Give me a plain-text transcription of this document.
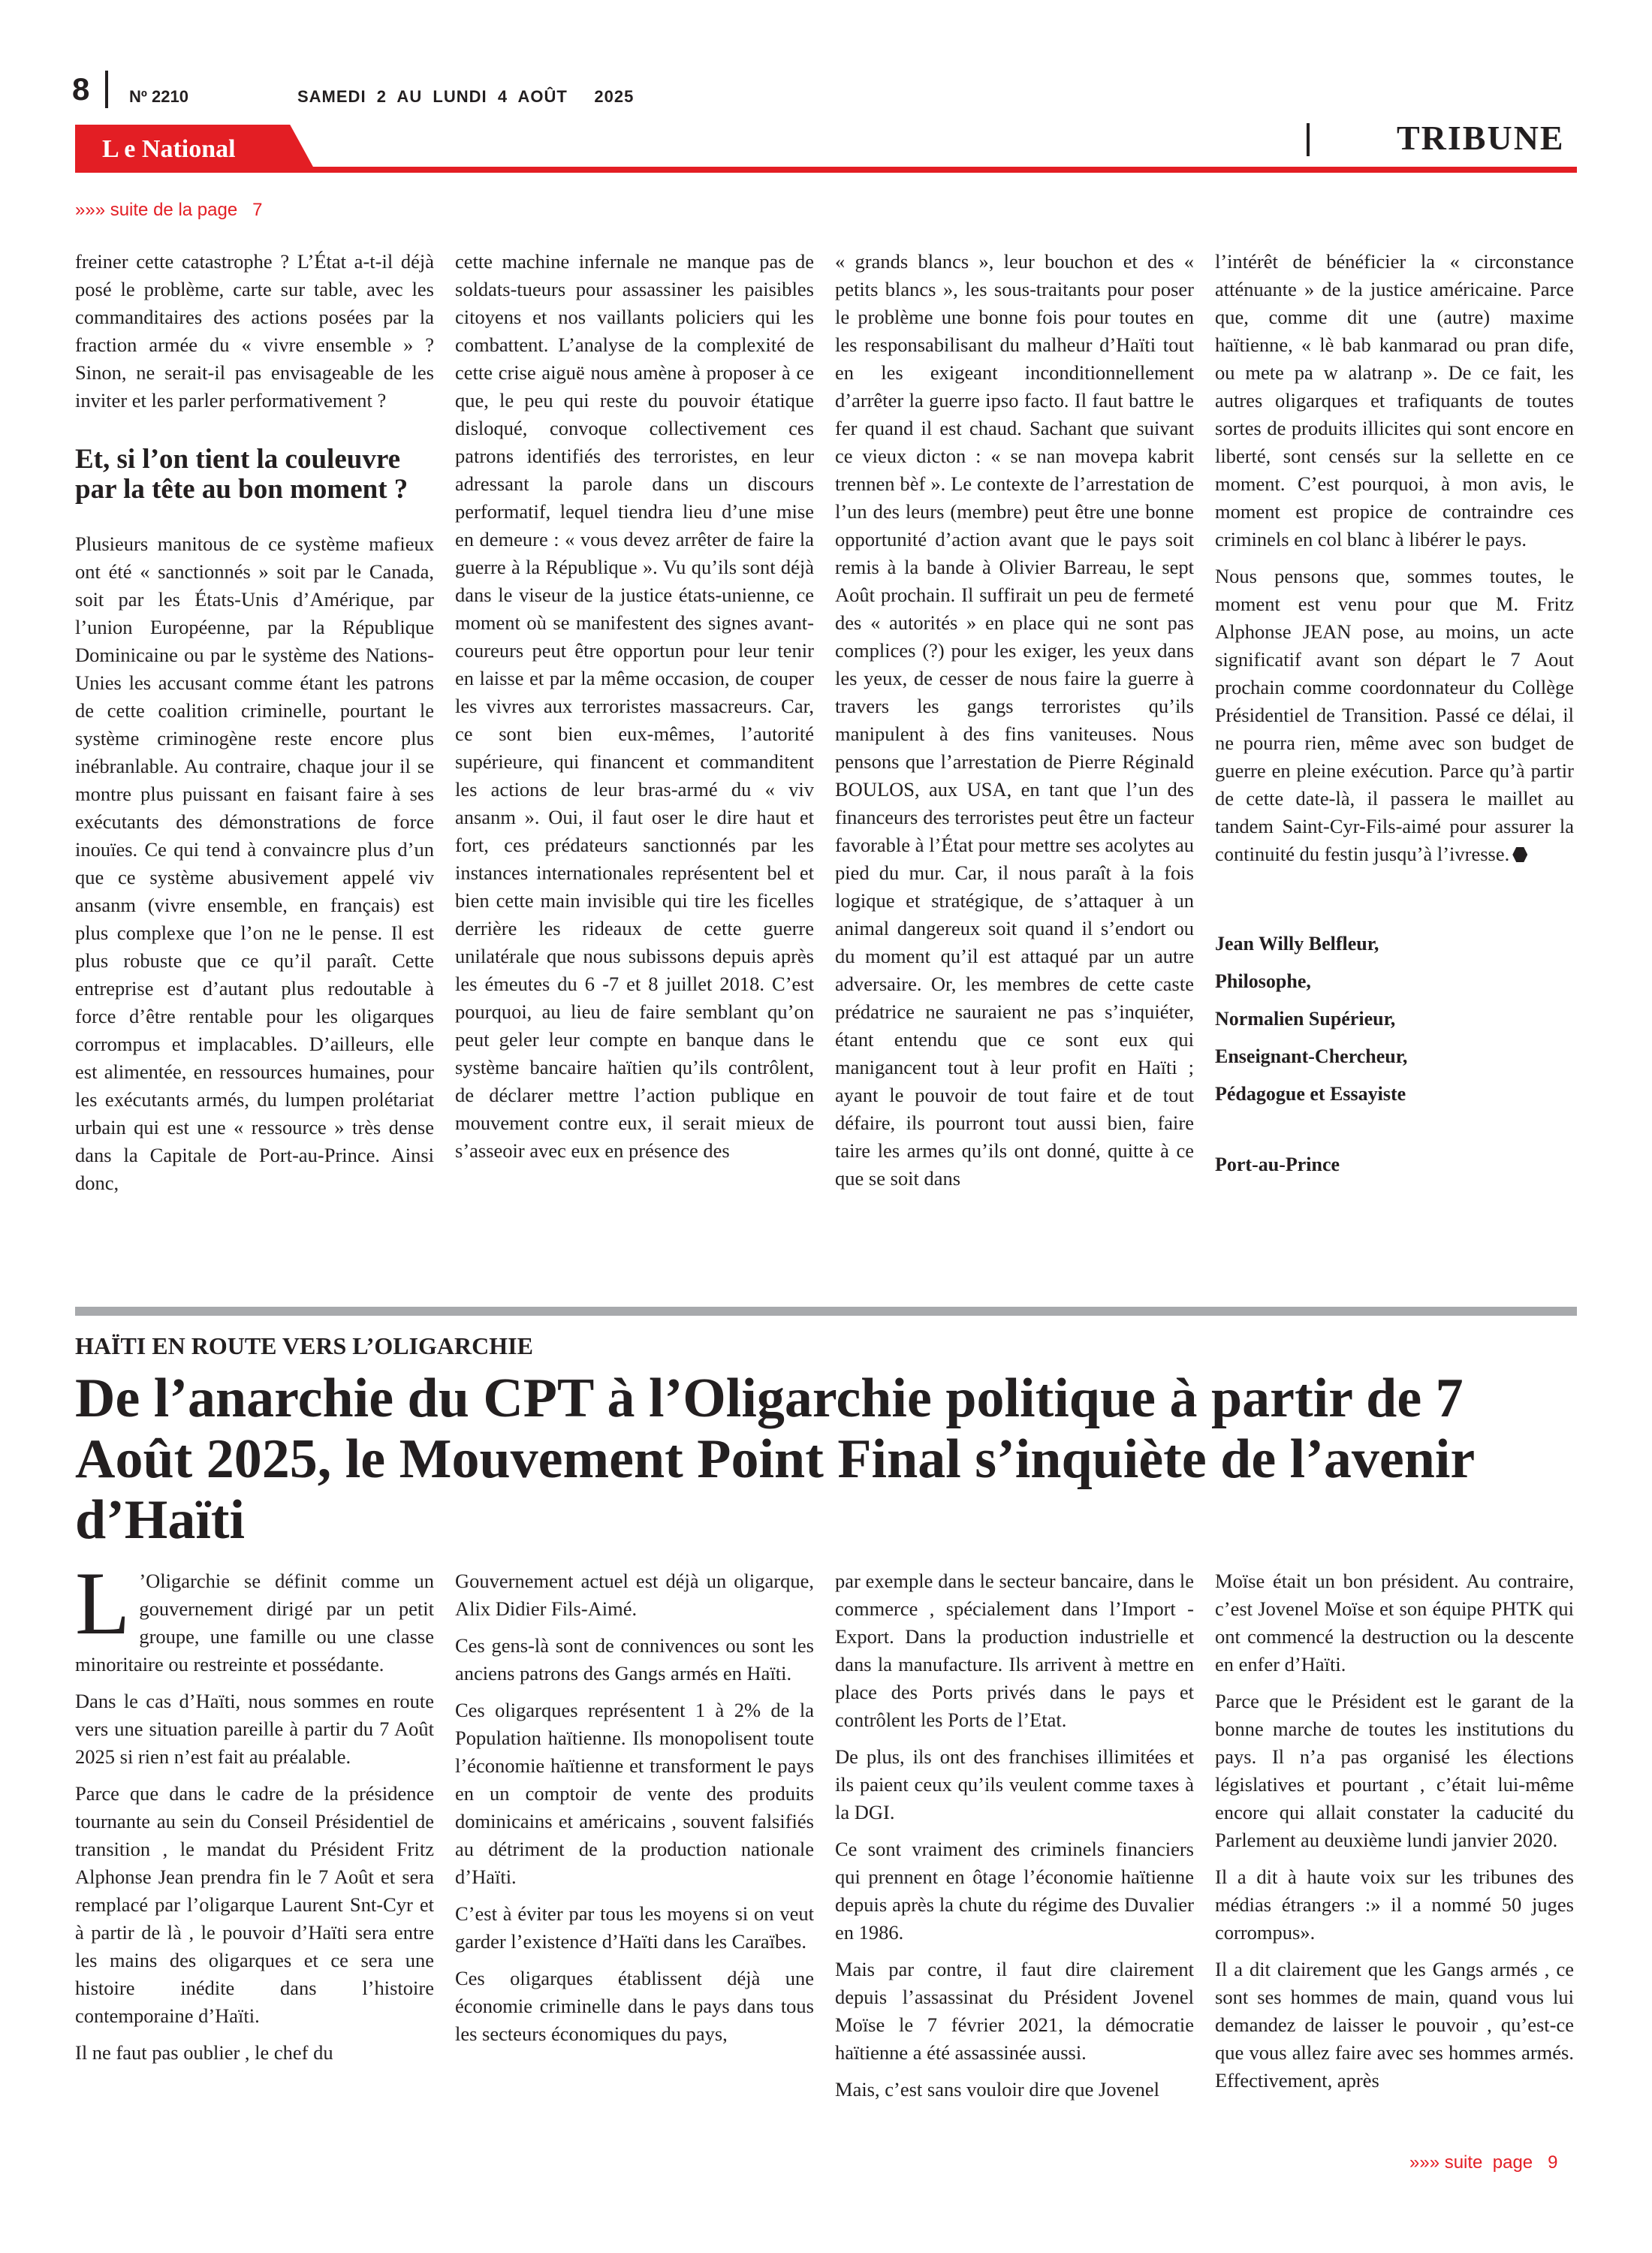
8 Nº 2210	SAMEDI  2  AU  LUNDI  4  AOÛT     2025
L e National	TRIBUNE
»»» suite de la page   7

freiner cette catastrophe ? L’État a-t-il déjà posé le problème, carte sur table, avec les commanditaires des actions posées par la fraction armée du « vivre ensemble » ? Sinon, ne serait-il pas envisageable de les inviter et les parler performativement ?

Et, si l’on tient la couleuvre par la tête au bon moment ?

Plusieurs manitous de ce système mafieux ont été « sanctionnés » soit par le Canada, soit par les États-Unis d’Amérique, par l’union Européenne, par la République Dominicaine ou par le système des Nations-Unies les accusant comme étant les patrons de cette coalition criminelle, pourtant le système criminogène reste encore plus inébranlable. Au contraire, chaque jour il se montre plus puissant en faisant faire à ses exécutants des démonstrations de force inouïes. Ce qui tend à convaincre plus d’un que ce système abusivement appelé viv ansanm (vivre ensemble, en français) est plus complexe que l’on ne le pense. Il est plus robuste que ce qu’il paraît. Cette entreprise est d’autant plus redoutable à force d’être rentable pour les oligarques corrompus et implacables. D’ailleurs, elle est alimentée, en ressources humaines, pour les exécutants armés, du lumpen prolétariat urbain qui est une « ressource » très dense dans la Capitale de Port-au-Prince. Ainsi donc,

cette machine infernale ne manque pas de soldats-tueurs pour assassiner les paisibles citoyens et nos vaillants policiers qui les combattent. L’analyse de la complexité de cette crise aiguë nous amène à proposer à ce que, le peu qui reste du pouvoir étatique disloqué, convoque collectivement ces patrons identifiés des terroristes, en leur adressant la parole dans un discours performatif, lequel tiendra lieu d’une mise en demeure : « vous devez arrêter de faire la guerre à la République ». Vu qu’ils sont déjà dans le viseur de la justice états-unienne, ce moment où se manifestent des signes avant-coureurs peut être opportun pour leur tenir en laisse et par la même occasion, de couper les vivres aux terroristes massacreurs. Car, ce sont bien eux-mêmes, l’autorité supérieure, qui financent et commanditent les actions de leur bras-armé du « viv ansanm ». Oui, il faut oser le dire haut et fort, ces prédateurs sanctionnés par les instances internationales représentent bel et bien cette main invisible qui tire les ficelles derrière les rideaux de cette guerre unilatérale que nous subissons depuis après les émeutes du 6 -7 et 8 juillet 2018. C’est pourquoi, au lieu de faire semblant qu’on peut geler leur compte en banque dans le système bancaire haïtien qu’ils contrôlent, de déclarer mettre l’action publique en mouvement contre eux, il serait mieux de s’asseoir avec eux en présence des

« grands blancs », leur bouchon et des « petits blancs », les sous-traitants pour poser le problème une bonne fois pour toutes en les responsabilisant du malheur d’Haïti tout en les exigeant inconditionnellement d’arrêter la guerre ipso facto. Il faut battre le fer quand il est chaud. Sachant que suivant ce vieux dicton : « se nan movepa kabrit trennen bèf ». Le contexte de l’arrestation de l’un des leurs (membre) peut être une bonne opportunité d’action avant que le pays soit remis à la bande à Olivier Barreau, le sept Août prochain. Il suffirait un peu de fermeté des « autorités » en place qui ne sont pas complices (?) pour les exiger, les yeux dans les yeux, de cesser de nous faire la guerre à travers les gangs terroristes qu’ils manipulent à des fins vaniteuses. Nous pensons que l’arrestation de Pierre Réginald BOULOS, aux USA, en tant que l’un des financeurs des terroristes peut être un facteur favorable à l’État pour mettre ses acolytes au pied du mur. Car, il nous paraît à la fois logique et stratégique, de s’attaquer à un animal dangereux soit quand il s’endort ou du moment qu’il est attaqué par un autre adversaire. Or, les membres de cette caste prédatrice ne sauraient ne pas s’inquiéter, étant entendu que ce sont eux qui manigancent tout à leur profit en Haïti ; ayant le pouvoir de tout faire et de tout défaire, ils pourront tout aussi bien, faire taire les armes qu’ils ont donné, quitte à ce que se soit dans

l’intérêt de bénéficier la « circonstance atténuante » de la justice américaine. Parce que, comme dit une (autre) maxime haïtienne, « lè bab kanmarad ou pran dife, ou mete pa w alatranp ». De ce fait, les autres oligarques et trafiquants de toutes sortes de produits illicites qui sont encore en liberté, sont censés sur la sellette en ce moment. C’est pourquoi, à mon avis, le moment est propice de contraindre ces criminels en col blanc à libérer le pays.

Nous pensons que, sommes toutes, le moment est venu pour que M. Fritz Alphonse JEAN pose, au moins, un acte significatif avant son départ le 7 Aout prochain comme coordonnateur du Collège Présidentiel de Transition. Passé ce délai, il ne pourra rien, même avec son budget de guerre en pleine exécution. Parce qu’à partir de cette date-là, il passera le maillet au tandem Saint-Cyr-Fils-aimé pour assurer la continuité du festin jusqu’à l’ivresse.

Jean Willy Belfleur,
Philosophe,
Normalien Supérieur,
Enseignant-Chercheur,
Pédagogue et Essayiste
Port-au-Prince
HAÏTI EN ROUTE VERS L’OLIGARCHIE
De l’anarchie du CPT à l’Oligarchie politique à partir de 7 Août 2025, le Mouvement Point Final s’inquiète de l’avenir d’Haïti

L ’Oligarchie se définit comme un gouvernement dirigé par un petit groupe, une famille ou une classe minoritaire ou restreinte et possédante.

Dans le cas d’Haïti, nous sommes en route vers une situation pareille à partir du 7 Août 2025 si rien n’est fait au préalable.

Parce que dans le cadre de la présidence tournante au sein du Conseil Présidentiel de transition , le mandat du Président Fritz Alphonse Jean prendra fin le 7 Août et sera remplacé par l’oligarque Laurent Snt-Cyr et à partir de là , le pouvoir d’Haïti sera entre les mains des oligarques et ce sera une histoire inédite dans l’histoire contemporaine d’Haïti.

Il ne faut pas oublier , le chef du

Gouvernement actuel est déjà un oligarque, Alix Didier Fils-Aimé.

Ces gens-là sont de connivences ou sont les anciens patrons des Gangs armés en Haïti.

Ces oligarques représentent 1 à 2% de la Population haïtienne. Ils monopolisent toute l’économie haïtienne et transforment le pays en un comptoir de vente des produits dominicains et américains , souvent falsifiés au détriment de la production nationale d’Haïti.

C’est à éviter par tous les moyens si on veut garder l’existence d’Haïti dans les Caraïbes.

Ces oligarques établissent déjà une économie criminelle dans le pays dans tous les secteurs économiques du pays,

par exemple dans le secteur bancaire, dans le commerce , spécialement dans l’Import - Export. Dans la production industrielle et dans la manufacture. Ils arrivent à mettre en place des Ports privés dans le pays et contrôlent les Ports de l’Etat.

De plus, ils ont des franchises illimitées et ils paient ceux qu’ils veulent comme taxes à la DGI.

Ce sont vraiment des criminels financiers qui prennent en ôtage l’économie haïtienne depuis après la chute du régime des Duvalier en 1986.

Mais par contre, il faut dire clairement depuis l’assassinat du Président Jovenel Moïse le 7 février 2021, la démocratie haïtienne a été assassinée aussi.

Mais, c’est sans vouloir dire que Jovenel

Moïse était un bon président. Au contraire, c’est Jovenel Moïse et son équipe PHTK qui ont commencé la destruction ou la descente en enfer d’Haïti.

Parce que le Président est le garant de la bonne marche de toutes les institutions du pays. Il n’a pas organisé les élections législatives et pourtant , c’était lui-même encore qui allait constater la caducité du Parlement au deuxième lundi janvier 2020.

Il a dit à haute voix sur les tribunes des médias étrangers :» il a nommé 50 juges corrompus».

Il a dit clairement que les Gangs armés , ce sont ses hommes de main, quand vous lui demandez de laisser le pouvoir , qu’est-ce que vous allez faire avec ses hommes armés. Effectivement, après

»»» suite  page   9
